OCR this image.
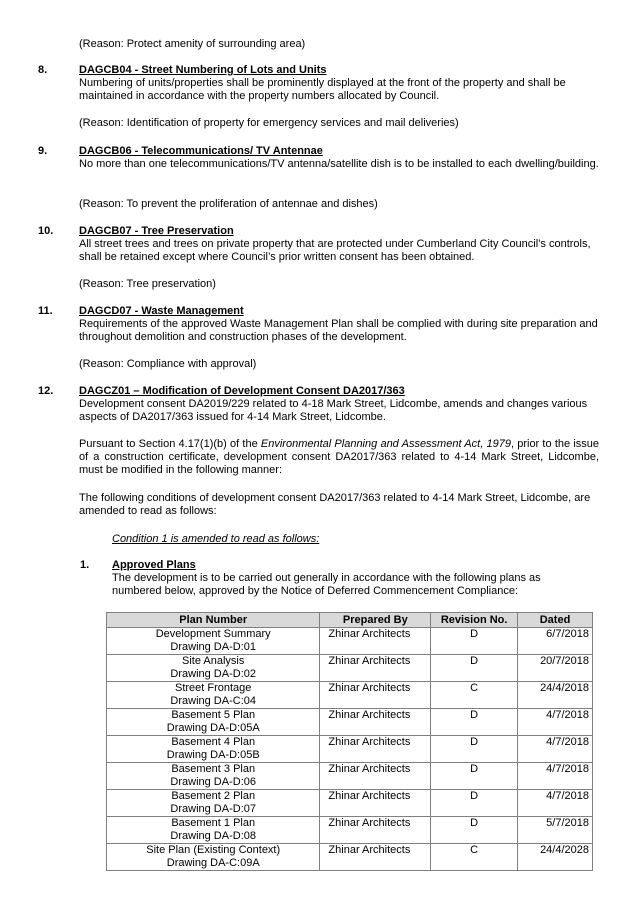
(Reason: Protect amenity of surrounding area)

8.	DAGCB04 - Street Numbering of Lots and Units

Numbering of units/properties shall be prominently displayed at the front of the property and shall be maintained in accordance with the property numbers allocated by Council.

(Reason: Identification of property for emergency services and mail deliveries)

9.	DAGCB06 - Telecommunications/ TV Antennae

No more than one telecommunications/TV antenna/satellite dish is to be installed to each dwelling/building.

(Reason: To prevent the proliferation of antennae and dishes)

10. DAGCB07 - Tree Preservation

All street trees and trees on private property that are protected under Cumberland City Council’s controls, shall be retained except where Council’s prior written consent has been obtained.

(Reason: Tree preservation)

11. DAGCD07 - Waste Management

Requirements of the approved Waste Management Plan shall be complied with during site preparation and throughout demolition and construction phases of the development.

(Reason: Compliance with approval)

12. DAGCZ01 – Modification of Development Consent DA2017/363

Development consent DA2019/229 related to 4-18 Mark Street, Lidcombe, amends and changes various aspects of DA2017/363 issued for 4-14 Mark Street, Lidcombe.

Pursuant to Section 4.17(1)(b) of the Environmental Planning and Assessment Act, 1979, prior to the issue of a construction certificate, development consent DA2017/363 related to 4-14 Mark Street, Lidcombe, must be modified in the following manner:

The following conditions of development consent DA2017/363 related to 4-14 Mark Street, Lidcombe, are amended to read as follows:

Condition 1 is amended to read as follows:
1. Approved Plans

The development is to be carried out generally in accordance with the following plans as numbered below, approved by the Notice of Deferred Commencement Compliance:

Plan Number	Prepared By	Revision No.	Dated

Development Summary
Drawing DA-D:01	Zhinar Architects	D	6/7/2018

Site Analysis
Drawing DA-D:02	Zhinar Architects	D	20/7/2018

Street Frontage
Drawing DA-C:04	Zhinar Architects	C	24/4/2018

Basement 5 Plan
Drawing DA-D:05A	Zhinar Architects	D	4/7/2018

Basement 4 Plan
Drawing DA-D:05B	Zhinar Architects	D	4/7/2018

Basement 3 Plan
Drawing DA-D:06	Zhinar Architects	D	4/7/2018

Basement 2 Plan
Drawing DA-D:07	Zhinar Architects	D	4/7/2018

Basement 1 Plan
Drawing DA-D:08	Zhinar Architects	D	5/7/2018

Site Plan (Existing Context)
Drawing DA-C:09A	Zhinar Architects	C	24/4/2028
